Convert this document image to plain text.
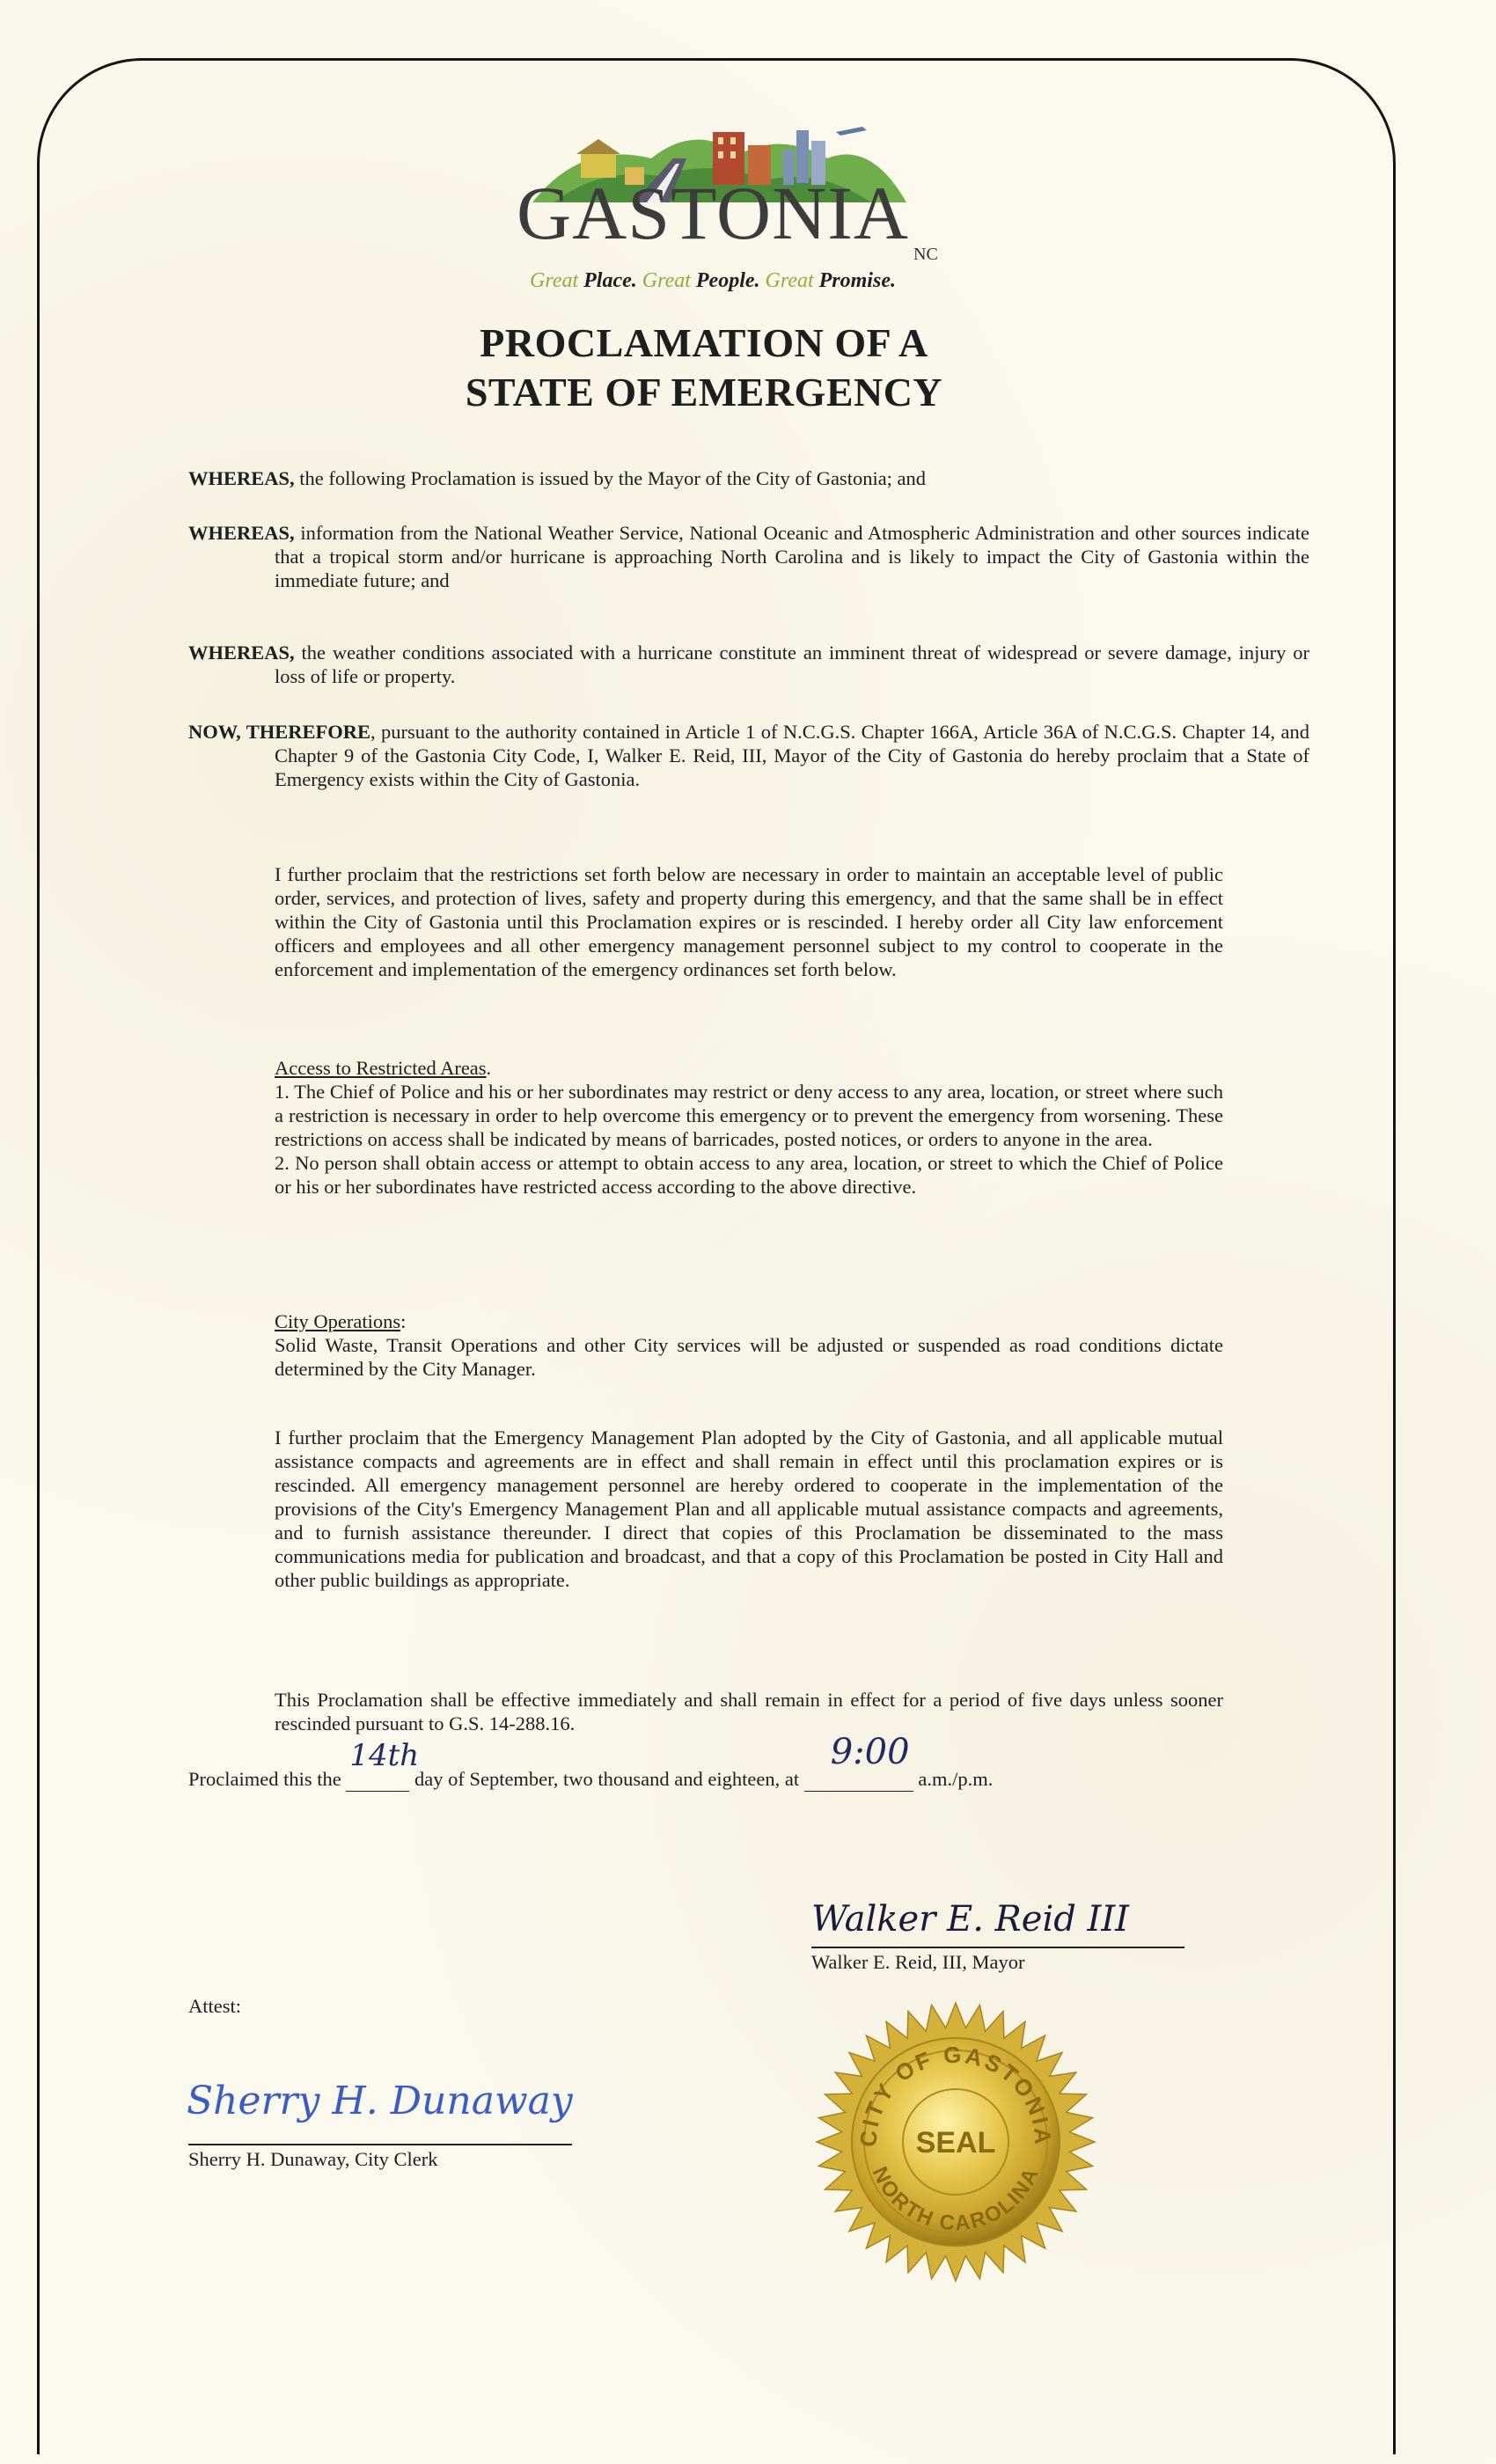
GASTONIA NC
Great Place. Great People. Great Promise.
PROCLAMATION OF A
STATE OF EMERGENCY
WHEREAS, the following Proclamation is issued by the Mayor of the City of Gastonia; and
WHEREAS, information from the National Weather Service, National Oceanic and Atmospheric Administration and other sources indicate that a tropical storm and/or hurricane is approaching North Carolina and is likely to impact the City of Gastonia within the immediate future; and
WHEREAS, the weather conditions associated with a hurricane constitute an imminent threat of widespread or severe damage, injury or loss of life or property.
NOW, THEREFORE, pursuant to the authority contained in Article 1 of N.C.G.S. Chapter 166A, Article 36A of N.C.G.S. Chapter 14, and Chapter 9 of the Gastonia City Code, I, Walker E. Reid, III, Mayor of the City of Gastonia do hereby proclaim that a State of Emergency exists within the City of Gastonia.
I further proclaim that the restrictions set forth below are necessary in order to maintain an acceptable level of public order, services, and protection of lives, safety and property during this emergency, and that the same shall be in effect within the City of Gastonia until this Proclamation expires or is rescinded. I hereby order all City law enforcement officers and employees and all other emergency management personnel subject to my control to cooperate in the enforcement and implementation of the emergency ordinances set forth below.
Access to Restricted Areas.
1. The Chief of Police and his or her subordinates may restrict or deny access to any area, location, or street where such a restriction is necessary in order to help overcome this emergency or to prevent the emergency from worsening. These restrictions on access shall be indicated by means of barricades, posted notices, or orders to anyone in the area.
2. No person shall obtain access or attempt to obtain access to any area, location, or street to which the Chief of Police or his or her subordinates have restricted access according to the above directive.
City Operations:
Solid Waste, Transit Operations and other City services will be adjusted or suspended as road conditions dictate determined by the City Manager.
I further proclaim that the Emergency Management Plan adopted by the City of Gastonia, and all applicable mutual assistance compacts and agreements are in effect and shall remain in effect until this proclamation expires or is rescinded. All emergency management personnel are hereby ordered to cooperate in the implementation of the provisions of the City's Emergency Management Plan and all applicable mutual assistance compacts and agreements, and to furnish assistance thereunder. I direct that copies of this Proclamation be disseminated to the mass communications media for publication and broadcast, and that a copy of this Proclamation be posted in City Hall and other public buildings as appropriate.
This Proclamation shall be effective immediately and shall remain in effect for a period of five days unless sooner rescinded pursuant to G.S. 14-288.16.
Proclaimed this the
14th
day of September, two thousand and eighteen, at
9:00
a.m./p.m.
Walker E. Reid III
Walker E. Reid, III, Mayor
Attest:
Sherry H. Dunaway
Sherry H. Dunaway, City Clerk
CITY OF GASTONIA
NORTH CAROLINA
SEAL
